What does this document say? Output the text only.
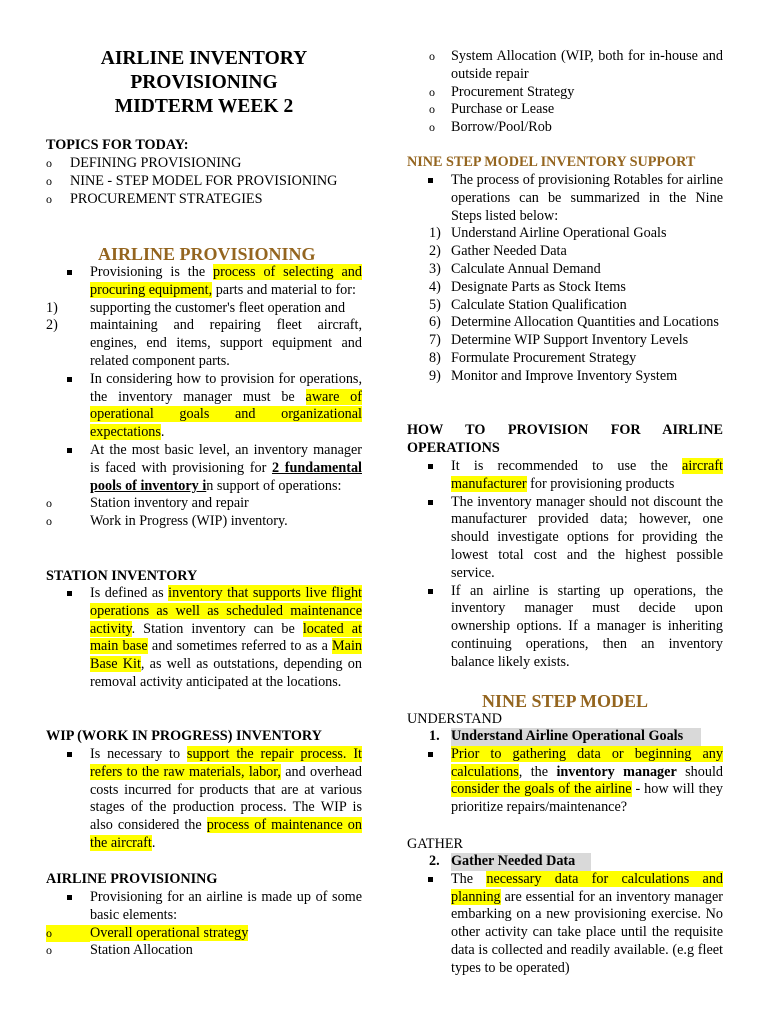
AIRLINE INVENTORY
PROVISIONING
MIDTERM WEEK 2
TOPICS FOR TODAY:
o DEFINING PROVISIONING
o NINE - STEP MODEL FOR PROVISIONING
o PROCUREMENT STRATEGIES
AIRLINE PROVISIONING
Provisioning is the process of selecting and procuring equipment, parts and material to for:
1) supporting the customer's fleet operation and
2) maintaining and repairing fleet aircraft, engines, end items, support equipment and related component parts.
In considering how to provision for operations, the inventory manager must be aware of operational goals and organizational expectations.
At the most basic level, an inventory manager is faced with provisioning for 2 fundamental pools of inventory in support of operations:
o	Station inventory and repair
o	Work in Progress (WIP) inventory.
STATION INVENTORY
Is defined as inventory that supports live flight operations as well as scheduled maintenance activity. Station inventory can be located at main base and sometimes referred to as a Main Base Kit, as well as outstations, depending on removal activity anticipated at the locations.
WIP (WORK IN PROGRESS) INVENTORY
Is necessary to support the repair process. It refers to the raw materials, labor, and overhead costs incurred for products that are at various stages of the production process. The WIP is also considered the process of maintenance on the aircraft.
AIRLINE PROVISIONING
Provisioning for an airline is made up of some basic elements:
o	Overall operational strategy
o	Station Allocation
o System Allocation (WIP, both for in-house and outside repair
o Procurement Strategy
o Purchase or Lease
o Borrow/Pool/Rob
NINE STEP MODEL INVENTORY SUPPORT
The process of provisioning Rotables for airline operations can be summarized in the Nine Steps listed below:
1) Understand Airline Operational Goals
2) Gather Needed Data
3) Calculate Annual Demand
4) Designate Parts as Stock Items
5) Calculate Station Qualification
6) Determine Allocation Quantities and Locations
7) Determine WIP Support Inventory Levels
8) Formulate Procurement Strategy
9) Monitor and Improve Inventory System
HOW TO PROVISION FOR AIRLINE OPERATIONS
It is recommended to use the aircraft manufacturer for provisioning products
The inventory manager should not discount the manufacturer provided data; however, one should investigate options for providing the lowest total cost and the highest possible service.
If an airline is starting up operations, the inventory manager must decide upon ownership options. If a manager is inheriting continuing operations, then an inventory balance likely exists.
NINE STEP MODEL
UNDERSTAND
1. Understand Airline Operational Goals
Prior to gathering data or beginning any calculations, the inventory manager should consider the goals of the airline - how will they prioritize repairs/maintenance?
GATHER
2. Gather Needed Data
The necessary data for calculations and planning are essential for an inventory manager embarking on a new provisioning exercise. No other activity can take place until the requisite data is collected and readily available. (e.g fleet types to be operated)
